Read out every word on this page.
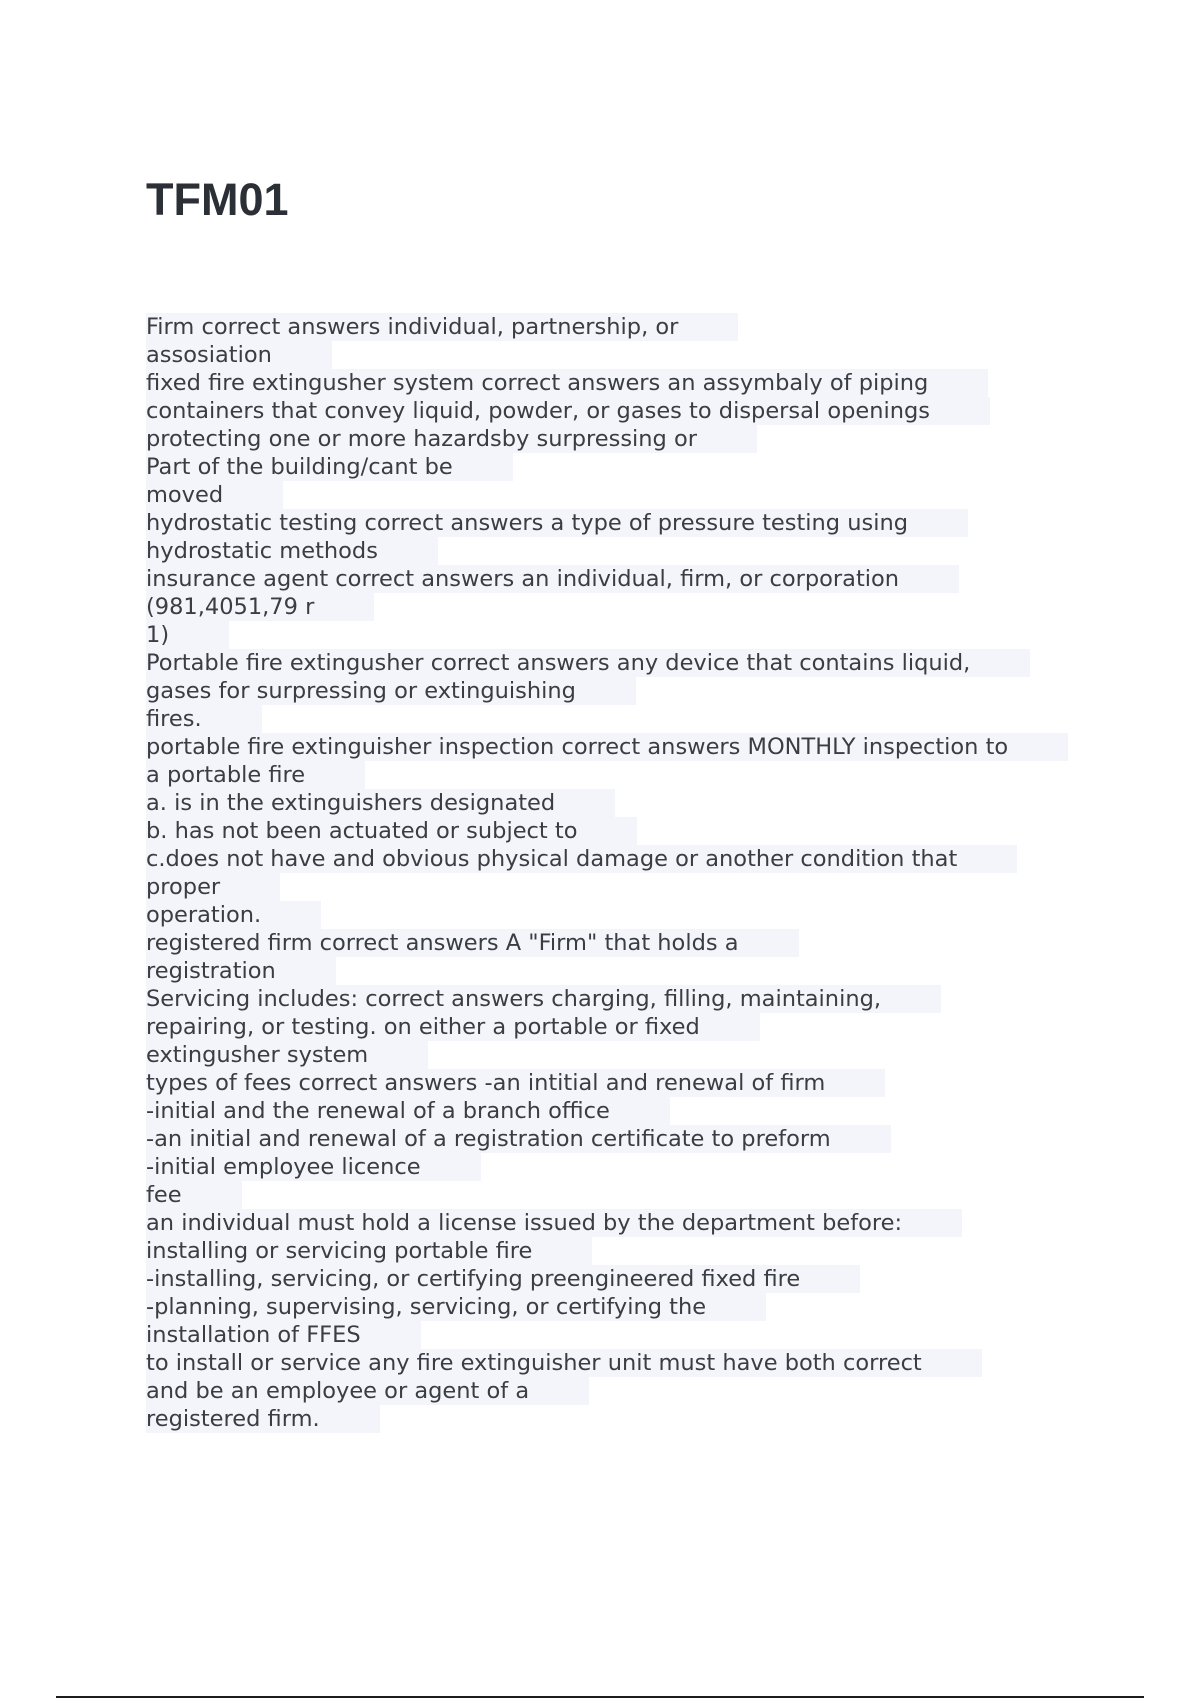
TFM01
Firm correct answers individual, partnership, or
assosiation
fixed fire extingusher system correct answers an assymbaly of piping
containers that convey liquid, powder, or gases to dispersal openings
protecting one or more hazardsby surpressing or
Part of the building/cant be
moved
hydrostatic testing correct answers a type of pressure testing using
hydrostatic methods
insurance agent correct answers an individual, firm, or corporation
(981,4051,79 r
1)
Portable fire extingusher correct answers any device that contains liquid,
gases for surpressing or extinguishing
fires.
portable fire extinguisher inspection correct answers MONTHLY inspection to
a portable fire
a. is in the extinguishers designated
b. has not been actuated or subject to
c.does not have and obvious physical damage or another condition that
proper
operation.
registered firm correct answers A "Firm" that holds a
registration
Servicing includes: correct answers charging, filling, maintaining,
repairing, or testing. on either a portable or fixed
extingusher system
types of fees correct answers -an intitial and renewal of firm
-initial and the renewal of a branch office
-an initial and renewal of a registration certificate to preform
-initial employee licence
fee
an individual must hold a license issued by the department before:
installing or servicing portable fire
-installing, servicing, or certifying preengineered fixed fire
-planning, supervising, servicing, or certifying the
installation of FFES
to install or service any fire extinguisher unit must have both correct
and be an employee or agent of a
registered firm.
